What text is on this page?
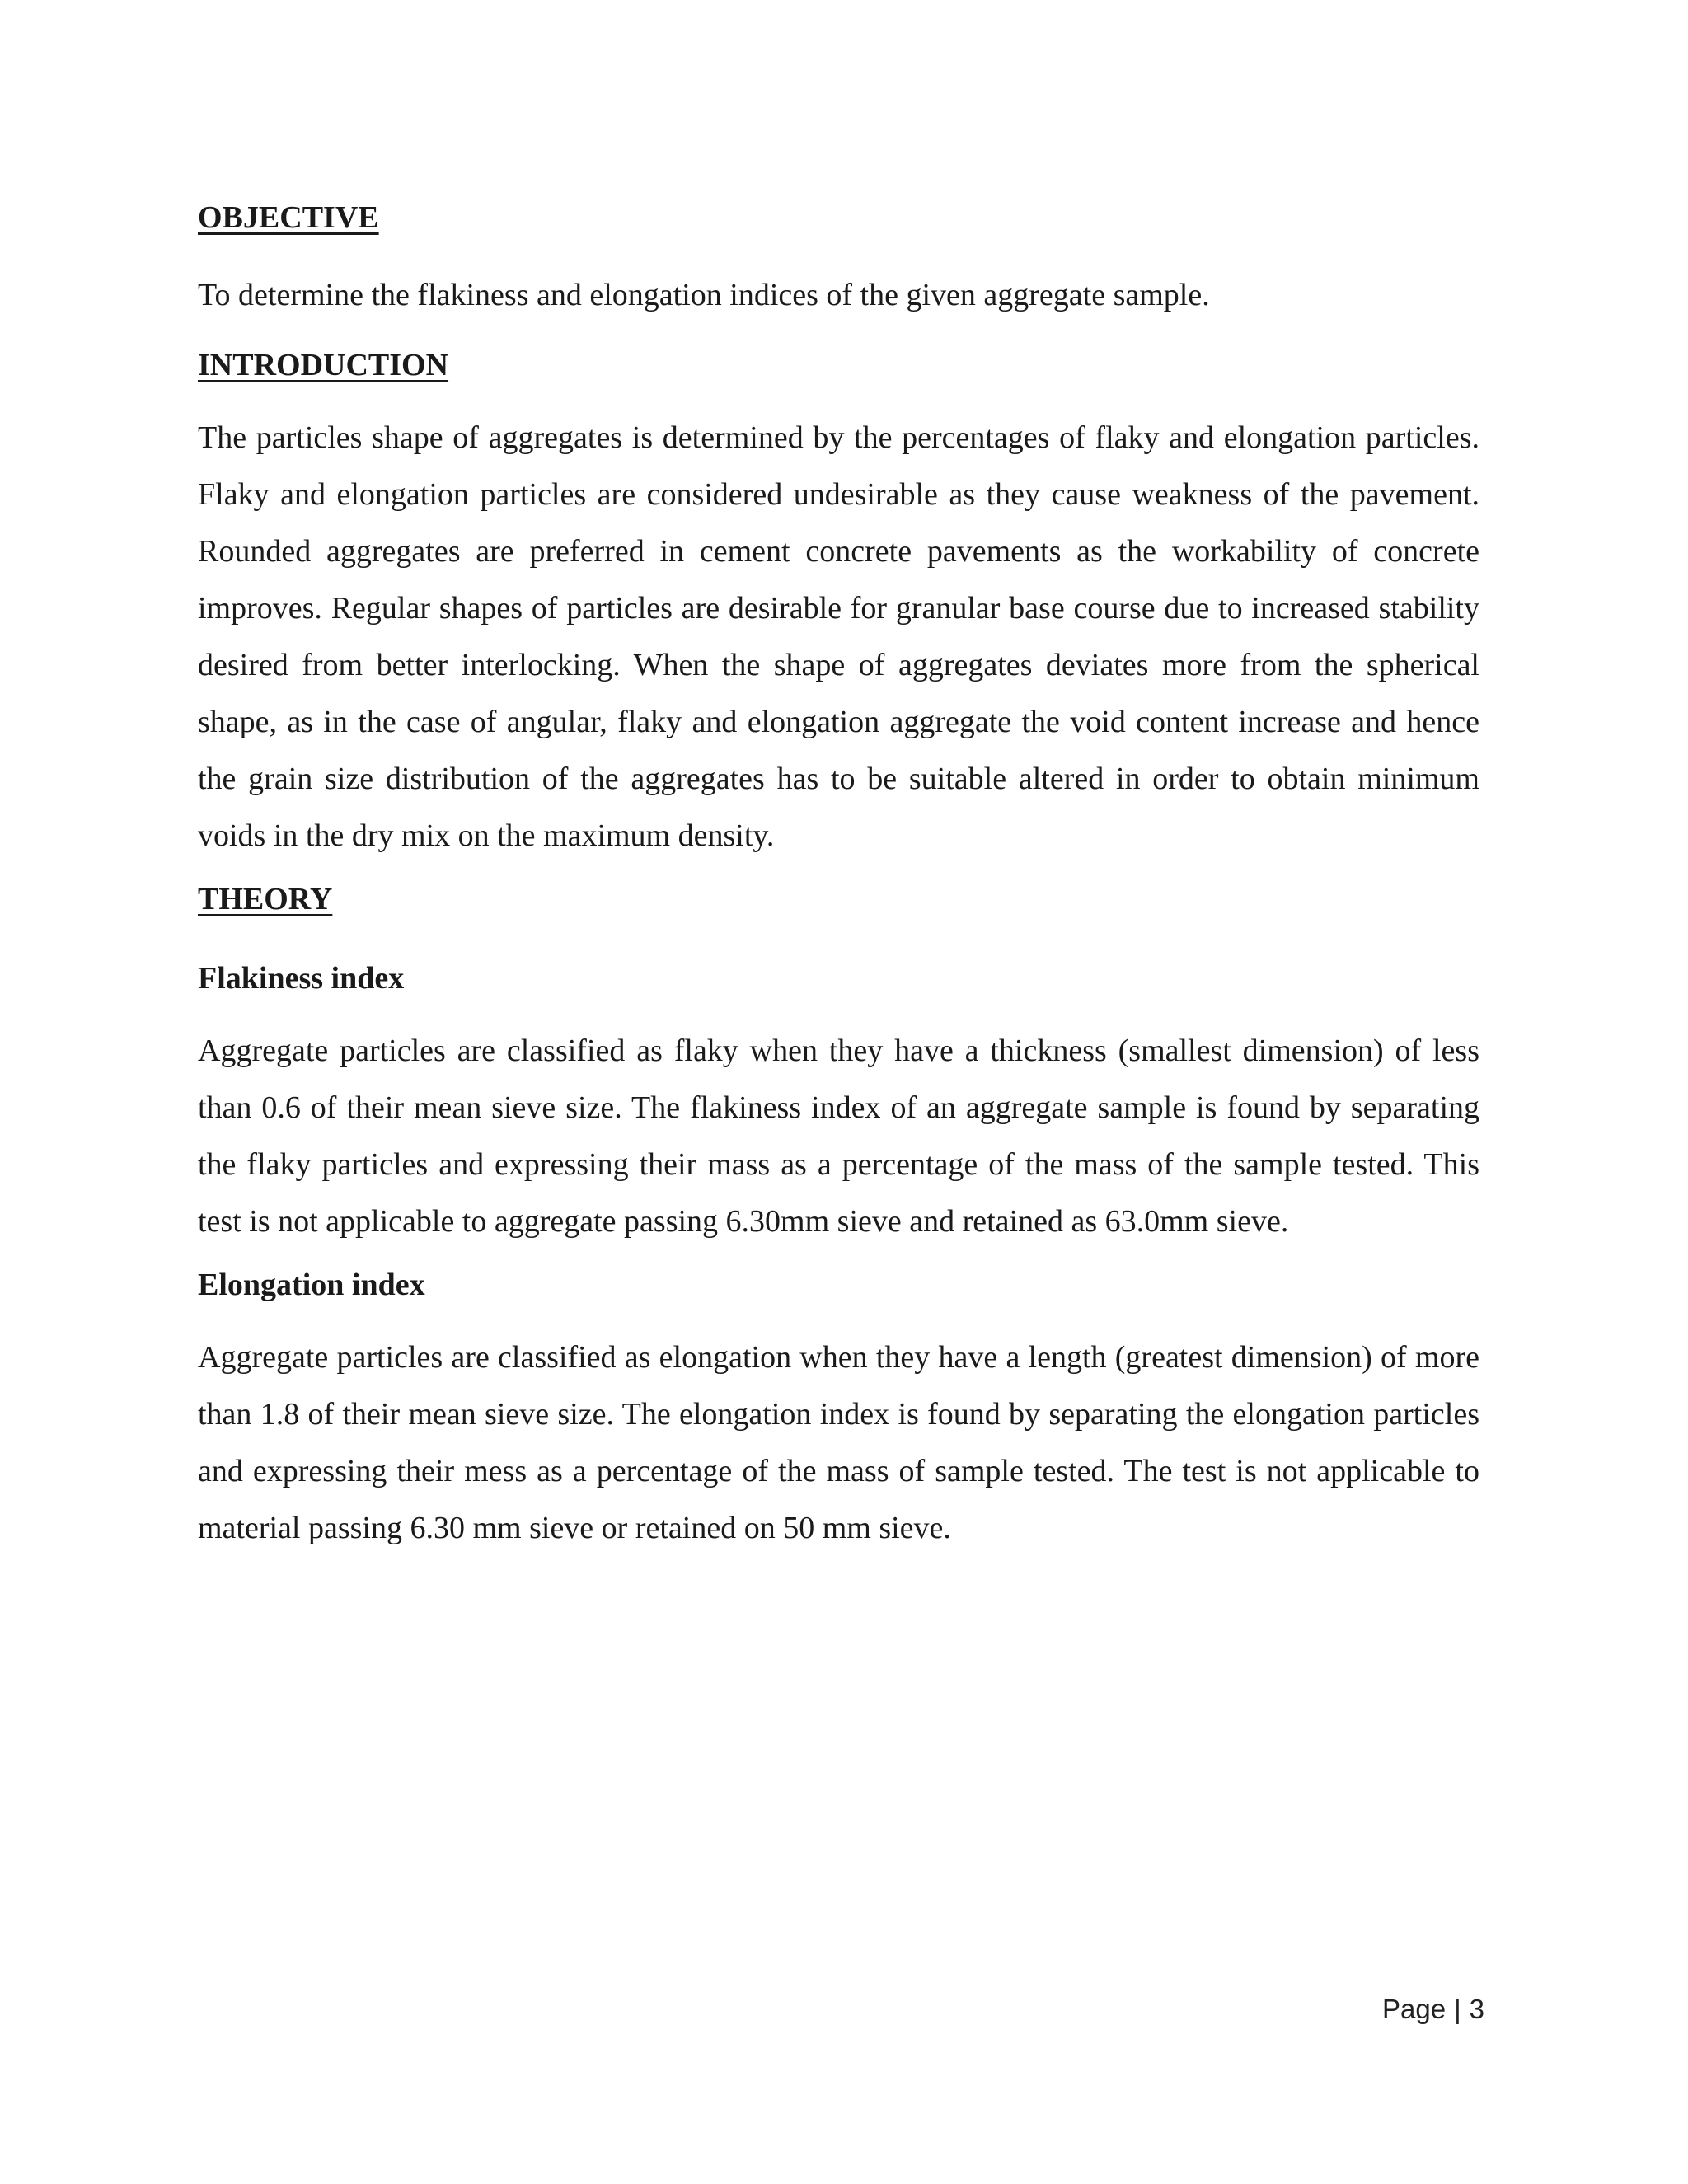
OBJECTIVE

To determine the flakiness and elongation indices of the given aggregate sample.

INTRODUCTION

The particles shape of aggregates is determined by the percentages of flaky and elongation particles. Flaky and elongation particles are considered undesirable as they cause weakness of the pavement. Rounded aggregates are preferred in cement concrete pavements as the workability of concrete improves. Regular shapes of particles are desirable for granular base course due to increased stability desired from better interlocking. When the shape of aggregates deviates more from the spherical shape, as in the case of angular, flaky and elongation aggregate the void content increase and hence the grain size distribution of the aggregates has to be suitable altered in order to obtain minimum voids in the dry mix on the maximum density.

THEORY
Flakiness index

Aggregate particles are classified as flaky when they have a thickness (smallest dimension) of less than 0.6 of their mean sieve size. The flakiness index of an aggregate sample is found by separating the flaky particles and expressing their mass as a percentage of the mass of the sample tested. This test is not applicable to aggregate passing 6.30mm sieve and retained as 63.0mm sieve.

Elongation index

Aggregate particles are classified as elongation when they have a length (greatest dimension) of more than 1.8 of their mean sieve size. The elongation index is found by separating the elongation particles and expressing their mess as a percentage of the mass of sample tested. The test is not applicable to material passing 6.30 mm sieve or retained on 50 mm sieve.

Page | 3
